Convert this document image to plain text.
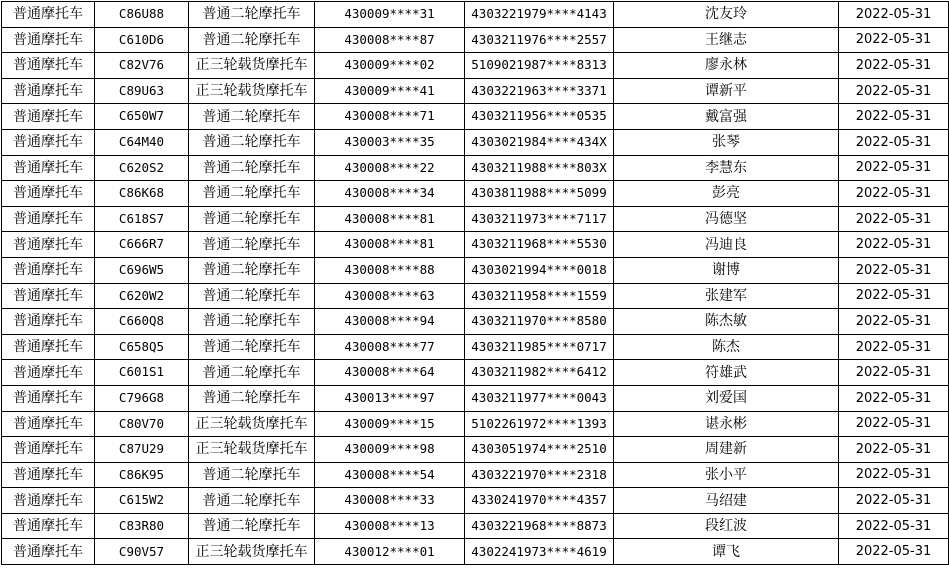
普通摩托车	C86U88	普通二轮摩托车	430009****31	4303221979****4143	沈友玲	2022-05-31
普通摩托车	C610D6	普通二轮摩托车	430008****87	4303211976****2557	王继志	2022-05-31
普通摩托车	C82V76	正三轮载货摩托车	430009****02	5109021987****8313	廖永林	2022-05-31
普通摩托车	C89U63	正三轮载货摩托车	430009****41	4303221963****3371	谭新平	2022-05-31
普通摩托车	C650W7	普通二轮摩托车	430008****71	4303211956****0535	戴富强	2022-05-31
普通摩托车	C64M40	普通二轮摩托车	430003****35	4303021984****434X	张琴	2022-05-31
普通摩托车	C620S2	普通二轮摩托车	430008****22	4303211988****803X	李慧东	2022-05-31
普通摩托车	C86K68	普通二轮摩托车	430008****34	4303811988****5099	彭亮	2022-05-31
普通摩托车	C618S7	普通二轮摩托车	430008****81	4303211973****7117	冯德坚	2022-05-31
普通摩托车	C666R7	普通二轮摩托车	430008****81	4303211968****5530	冯迪良	2022-05-31
普通摩托车	C696W5	普通二轮摩托车	430008****88	4303021994****0018	谢博	2022-05-31
普通摩托车	C620W2	普通二轮摩托车	430008****63	4303211958****1559	张建军	2022-05-31
普通摩托车	C660Q8	普通二轮摩托车	430008****94	4303211970****8580	陈杰敏	2022-05-31
普通摩托车	C658Q5	普通二轮摩托车	430008****77	4303211985****0717	陈杰	2022-05-31
普通摩托车	C601S1	普通二轮摩托车	430008****64	4303211982****6412	符雄武	2022-05-31
普通摩托车	C796G8	普通二轮摩托车	430013****97	4303211977****0043	刘爱国	2022-05-31
普通摩托车	C80V70	正三轮载货摩托车	430009****15	5102261972****1393	谌永彬	2022-05-31
普通摩托车	C87U29	正三轮载货摩托车	430009****98	4303051974****2510	周建新	2022-05-31
普通摩托车	C86K95	普通二轮摩托车	430008****54	4303221970****2318	张小平	2022-05-31
普通摩托车	C615W2	普通二轮摩托车	430008****33	4330241970****4357	马绍建	2022-05-31
普通摩托车	C83R80	普通二轮摩托车	430008****13	4303221968****8873	段红波	2022-05-31
普通摩托车	C90V57	正三轮载货摩托车	430012****01	4302241973****4619	谭飞	2022-05-31
